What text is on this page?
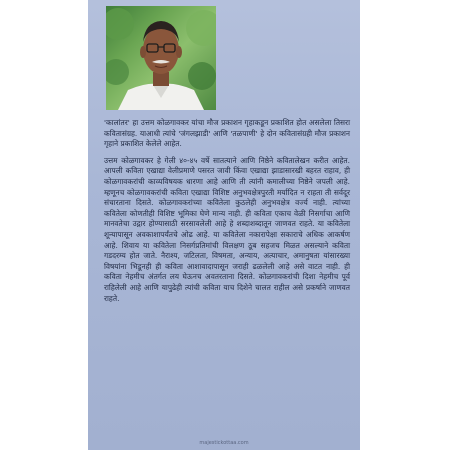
'कालांतर' हा उत्तम कोळगावकर यांचा मौज प्रकाशन गृहाकडून प्रकाशित होत असलेला तिसरा कवितासंग्रह. याआधी त्यांचे 'जंगलझाडी' आणि 'तळपाणी' हे दोन कवितासंग्रही मौज प्रकाशन गृहाने प्रकाशित केलेले आहेत.

उत्तम कोळगावकर हे गेली ४०-४५ वर्षे सातत्याने आणि निष्ठेने कवितालेखन करीत आहेत. आपली कविता एखाद्या वेलीप्रमाणे पसरत जावी किंवा एखाद्या झाडासारखी बहरत राहाव, ही कोळगावकरांची काव्यविषयक धारणा आहे आणि ती त्यांनी कमालीच्या निष्ठेने जपली आहे. म्हणूनच कोळगावकरांची कविता एखाद्या विशिष्ट अनुभवक्षेत्रपुरती मर्यादित न राहता ती सर्वदूर संचारताना दिसते. कोळगावकरांच्या कवितेला कुठलेही अनुभवक्षेत्र वर्ज्य नाही. त्यांच्या कवितेला कोणतीही विशिष्ट भूमिका घेणे मान्य नाही. ही कविता एकाच वेळी निसर्गाचा आणि मानवतेचा उद्गार होण्यासाठी सरसावलेली आहे हे शब्दाशब्दातून जाणवत राहते. या कवितेला शून्यापासून अवकाशापर्यंतचे ओढ आहे. या कवितेला नकारापेक्षा सकाराचे अधिक आकर्षण आहे. शिवाय या कवितेला निसर्गप्रतिमांची विलक्षण ठूब सहजच मिळत असल्याने कविता गडदरम्य होत जाते. नैराश्य, जटिलता, विषमता, अन्याय, अत्याचार, अमानुषता यांसारख्या विषयांना भिडूनही ही कविता आशावादापासून जराही ढळलेली आहे असे वाटत नाही. ही कविता नेहमीच अंतर्गत लय घेऊनच अवतरताना दिसते. कोळगावकरांची दिशा नेहमीच पूर्व राहिलेली आहे आणि यापुढेही त्यांची कविता याच दिशेने चालत राहील असे प्रकर्षाने जाणवत राहते.

majestickottaa.com
